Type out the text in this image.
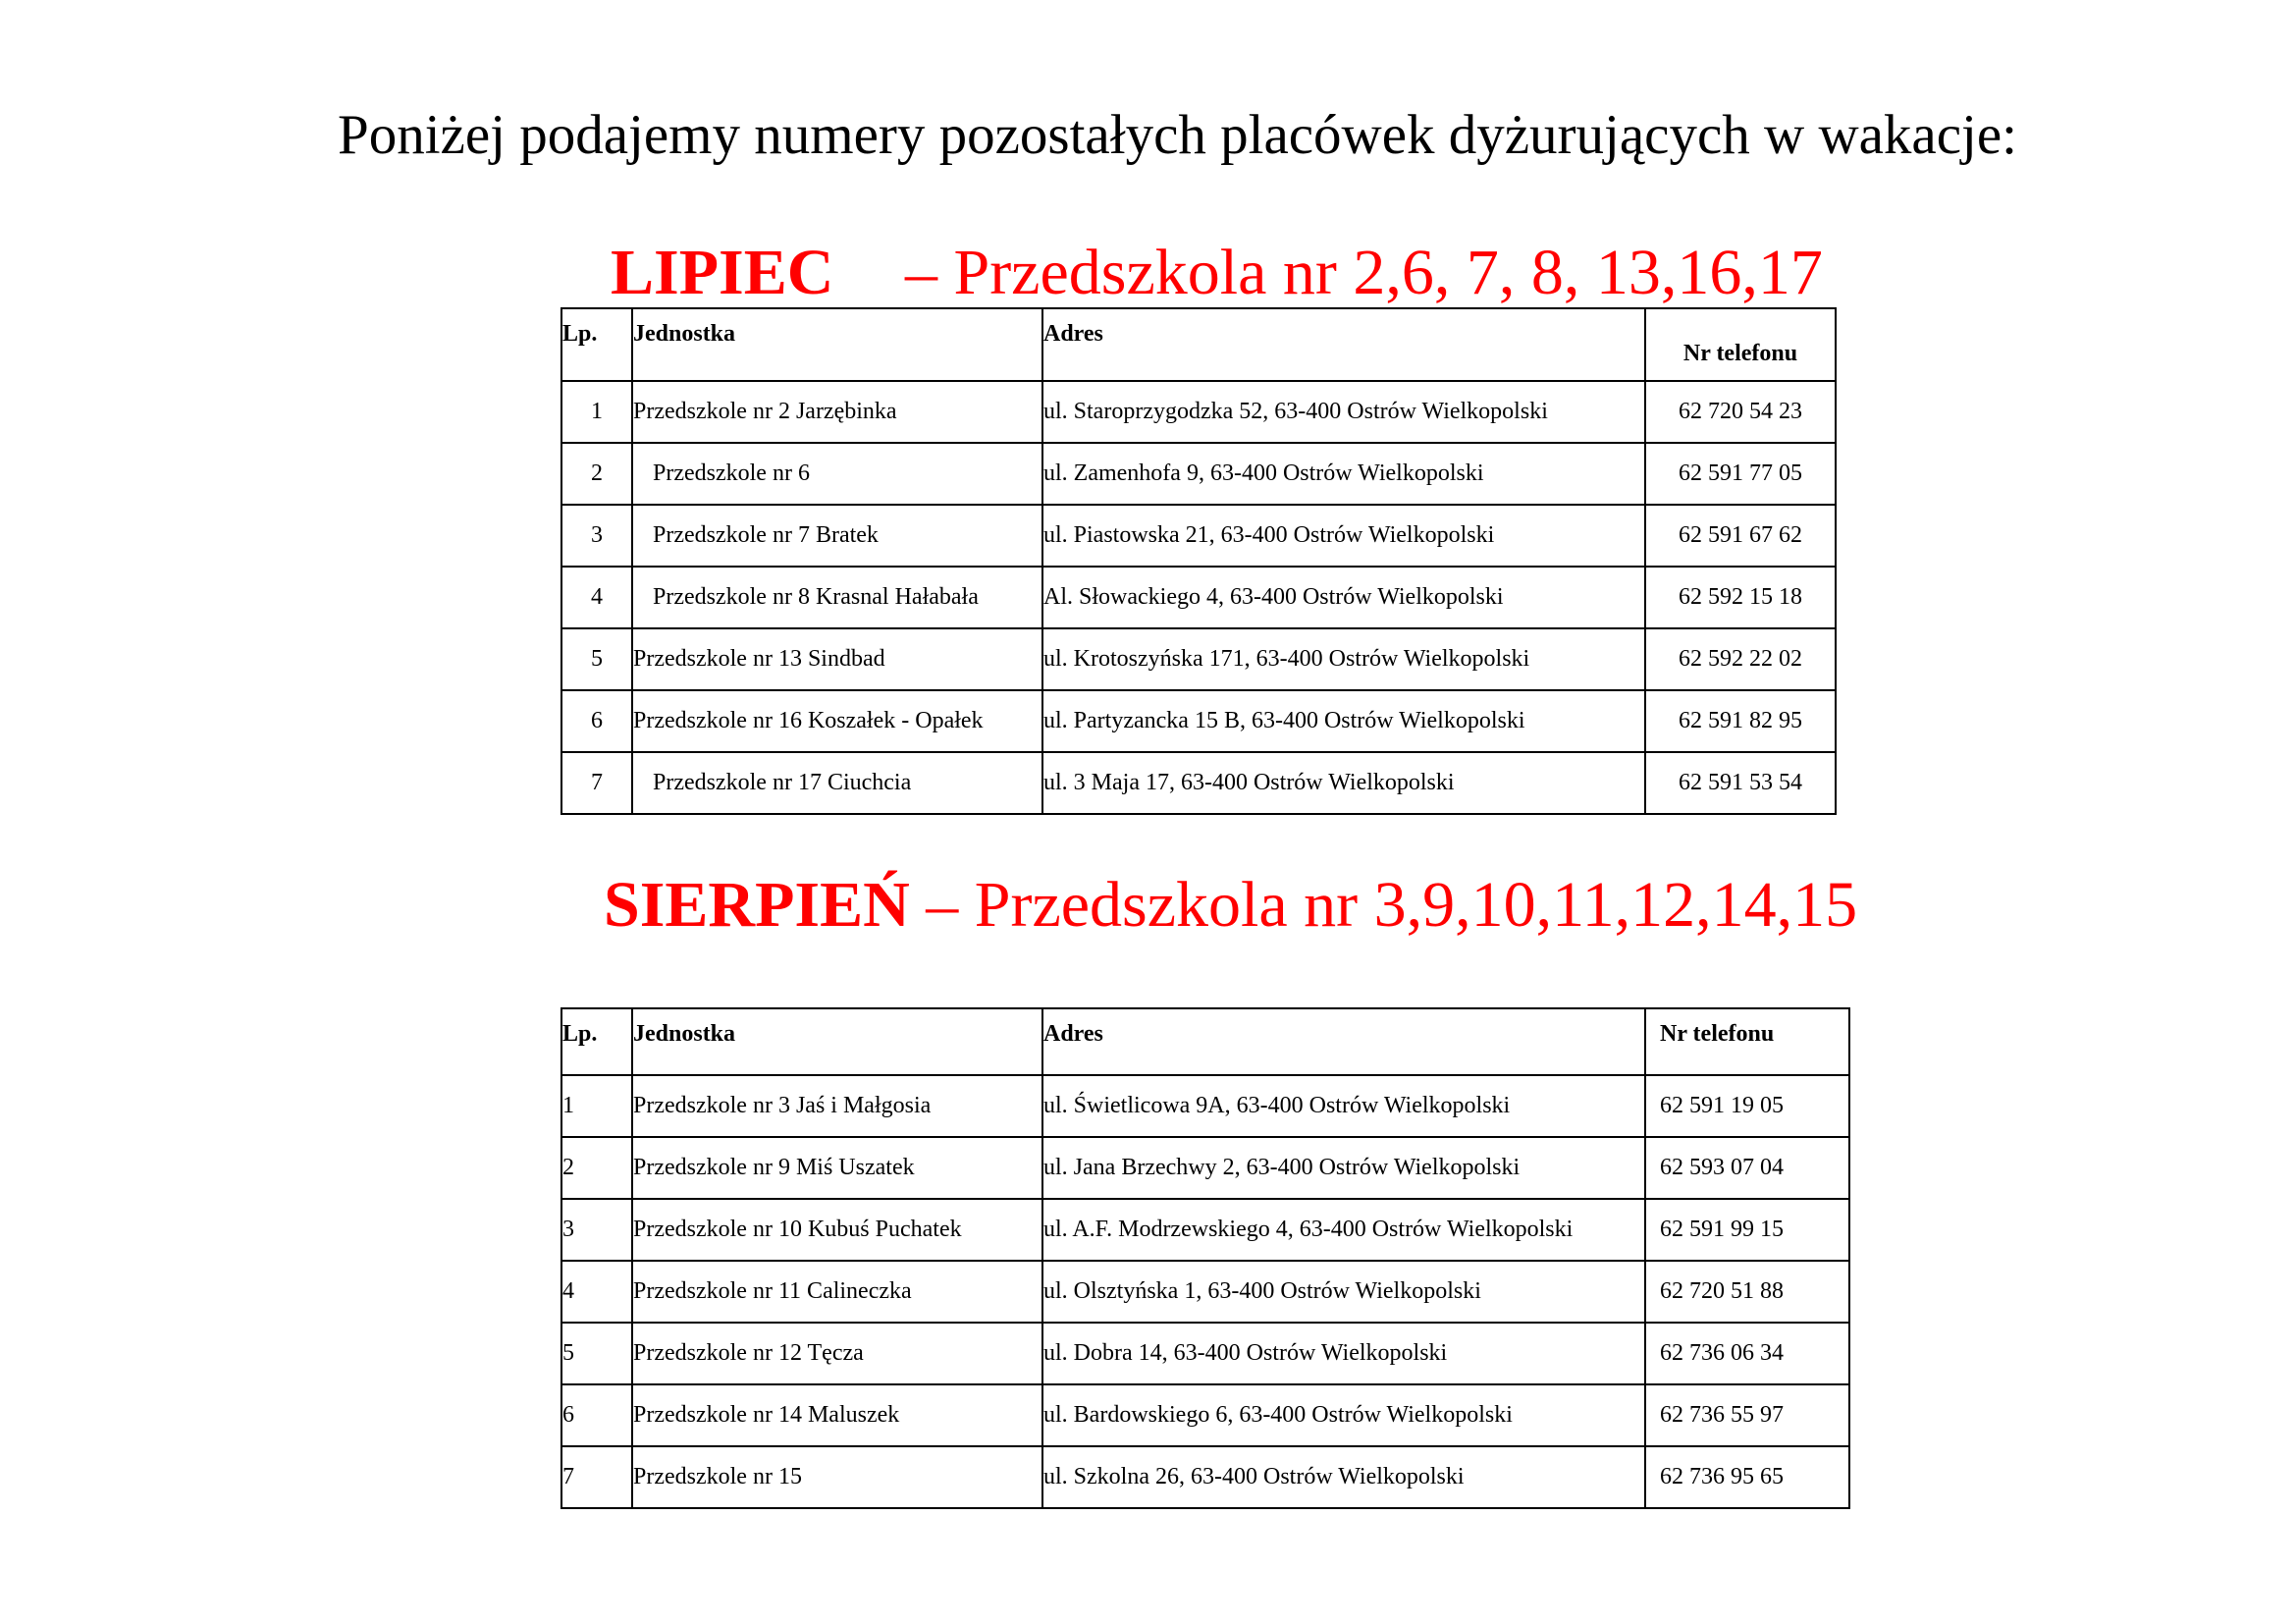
Poniżej podajemy numery pozostałych placówek dyżurujących w wakacje:
LIPIEC – Przedszkola nr 2,6, 7, 8, 13,16,17
Lp.	Jednostka	Adres	Nr telefonu
1	Przedszkole nr 2 Jarzębinka	ul. Staroprzygodzka 52, 63-400 Ostrów Wielkopolski	62 720 54 23
2	Przedszkole nr 6	ul. Zamenhofa 9, 63-400 Ostrów Wielkopolski	62 591 77 05
3	Przedszkole nr 7 Bratek	ul. Piastowska 21, 63-400 Ostrów Wielkopolski	62 591 67 62
4	Przedszkole nr 8 Krasnal Hałabała	Al. Słowackiego 4, 63-400 Ostrów Wielkopolski	62 592 15 18
5	Przedszkole nr 13 Sindbad	ul. Krotoszyńska 171, 63-400 Ostrów Wielkopolski	62 592 22 02
6	Przedszkole nr 16 Koszałek - Opałek	ul. Partyzancka 15 B, 63-400 Ostrów Wielkopolski	62 591 82 95
7	Przedszkole nr 17 Ciuchcia	ul. 3 Maja 17, 63-400 Ostrów Wielkopolski	62 591 53 54
SIERPIEŃ – Przedszkola nr 3,9,10,11,12,14,15
Lp.	Jednostka	Adres	Nr telefonu
1	Przedszkole nr 3 Jaś i Małgosia	ul. Świetlicowa 9A, 63-400 Ostrów Wielkopolski	62 591 19 05
2	Przedszkole nr 9 Miś Uszatek	ul. Jana Brzechwy 2, 63-400 Ostrów Wielkopolski	62 593 07 04
3	Przedszkole nr 10 Kubuś Puchatek	ul. A.F. Modrzewskiego 4, 63-400 Ostrów Wielkopolski	62 591 99 15
4	Przedszkole nr 11 Calineczka	ul. Olsztyńska 1, 63-400 Ostrów Wielkopolski	62 720 51 88
5	Przedszkole nr 12 Tęcza	ul. Dobra 14, 63-400 Ostrów Wielkopolski	62 736 06 34
6	Przedszkole nr 14 Maluszek	ul. Bardowskiego 6, 63-400 Ostrów Wielkopolski	62 736 55 97
7	Przedszkole nr 15	ul. Szkolna 26, 63-400 Ostrów Wielkopolski	62 736 95 65
